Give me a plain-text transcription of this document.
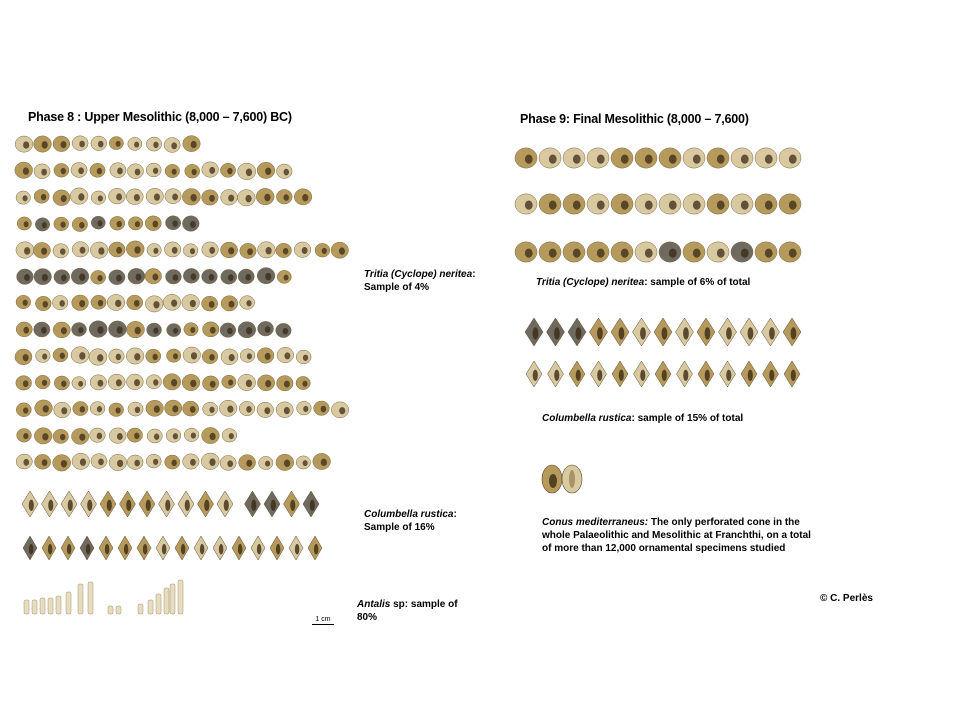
Phase 8 : Upper Mesolithic (8,000 – 7,600) BC)
Tritia (Cyclope) neritea: Sample of 4%
Columbella rustica: Sample of 16%
1 cm
Antalis sp: sample of 80%
Phase 9: Final Mesolithic (8,000 – 7,600)
Tritia (Cyclope) neritea: sample of 6% of total
Columbella rustica: sample of 15% of total
Conus mediterraneus: The only perforated cone in the whole Palaeolithic and Mesolithic at Franchthi, on a total of more than 12,000 ornamental specimens studied
© C. Perlès
